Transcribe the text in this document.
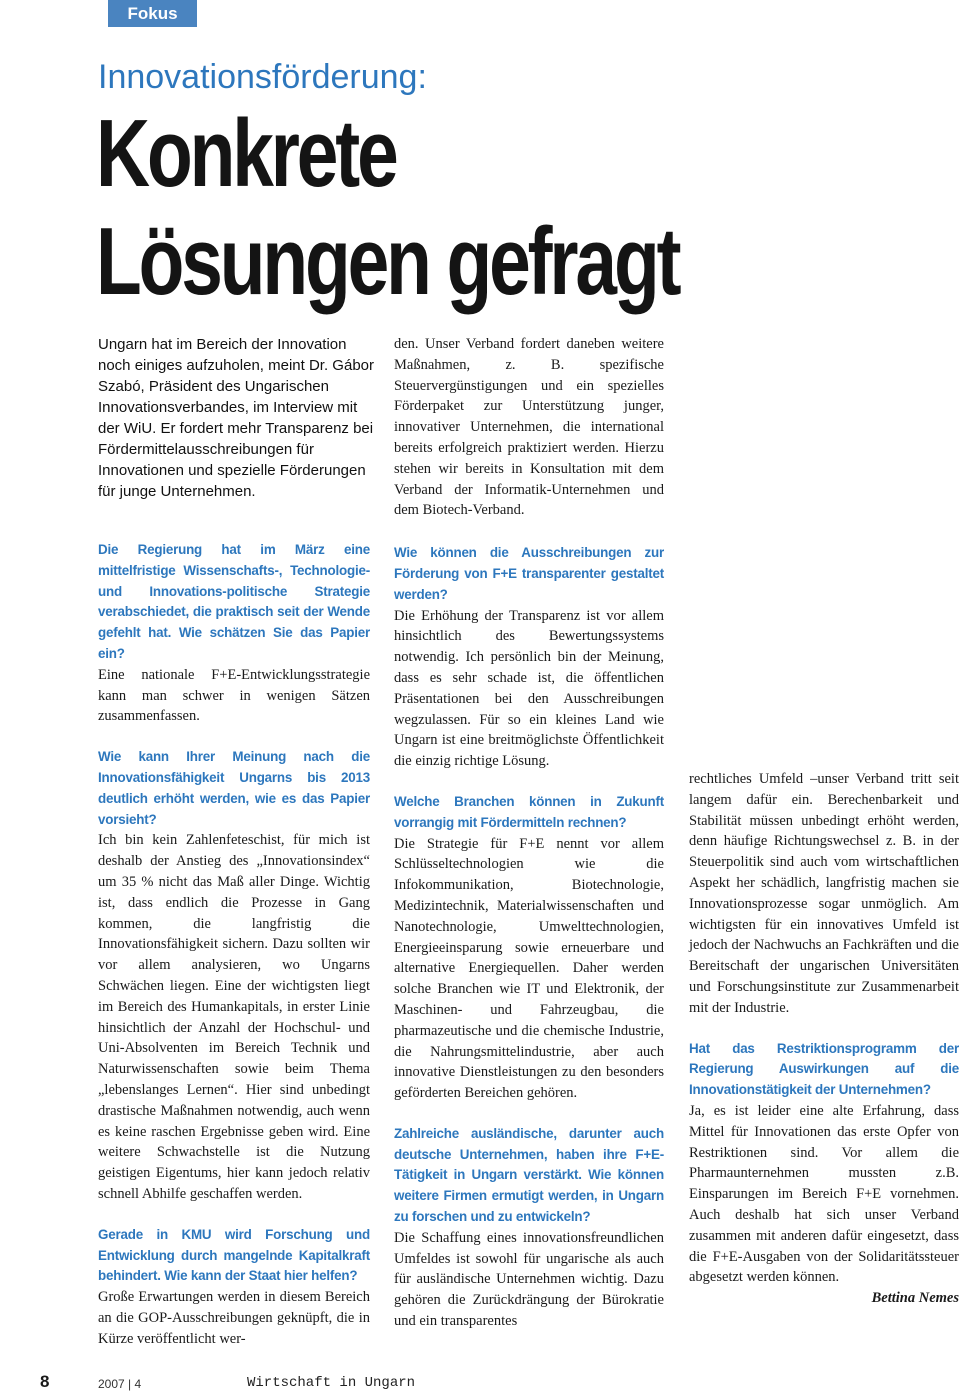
Fokus
Innovationsförderung:
Konkrete Lösungen gefragt
Ungarn hat im Bereich der Innovation noch einiges aufzuholen, meint Dr. Gábor Szabó, Präsident des Ungarischen Innovationsverbandes, im Interview mit der WiU. Er fordert mehr Transparenz bei Fördermittelausschreibungen für Innovationen und spezielle Förderungen für junge Unternehmen.

Die Regierung hat im März eine mittelfristige Wissenschafts-, Technologie- und Innovations-politische Strategie verabschiedet, die praktisch seit der Wende gefehlt hat. Wie schätzen Sie das Papier ein?

Eine nationale F+E-Entwicklungsstrategie kann man schwer in wenigen Sätzen zusammenfassen.

Wie kann Ihrer Meinung nach die Innovationsfähigkeit Ungarns bis 2013 deutlich erhöht werden, wie es das Papier vorsieht?

Ich bin kein Zahlenfeteschist, für mich ist deshalb der Anstieg des „Innovationsindex“ um 35 % nicht das Maß aller Dinge. Wichtig ist, dass endlich die Prozesse in Gang kommen, die langfristig die Innovationsfähigkeit sichern. Dazu sollten wir vor allem analysieren, wo Ungarns Schwächen liegen. Eine der wichtigsten liegt im Bereich des Humankapitals, in erster Linie hinsichtlich der Anzahl der Hochschul- und Uni-Absolventen im Bereich Technik und Naturwissenschaften sowie beim Thema „lebenslanges Lernen“. Hier sind unbedingt drastische Maßnahmen notwendig, auch wenn es keine raschen Ergebnisse geben wird. Eine weitere Schwachstelle ist die Nutzung geistigen Eigentums, hier kann jedoch relativ schnell Abhilfe geschaffen werden.

Gerade in KMU wird Forschung und Entwicklung durch mangelnde Kapitalkraft behindert. Wie kann der Staat hier helfen?

Große Erwartungen werden in diesem Bereich an die GOP-Ausschreibungen geknüpft, die in Kürze veröffentlicht wer-

den. Unser Verband fordert daneben weitere Maßnahmen, z. B. spezifische Steuervergünstigungen und ein spezielles Förderpaket zur Unterstützung junger, innovativer Unternehmen, die international bereits erfolgreich praktiziert werden. Hierzu stehen wir bereits in Konsultation mit dem Verband der Informatik-Unternehmen und dem Biotech-Verband.

Wie können die Ausschreibungen zur Förderung von F+E transparenter gestaltet werden?

Die Erhöhung der Transparenz ist vor allem hinsichtlich des Bewertungssystems notwendig. Ich persönlich bin der Meinung, dass es sehr schade ist, die öffentlichen Präsentationen bei den Ausschreibungen wegzulassen. Für so ein kleines Land wie Ungarn ist eine breitmöglichste Öffentlichkeit die einzig richtige Lösung.

Welche Branchen können in Zukunft vorrangig mit Fördermitteln rechnen?

Die Strategie für F+E nennt vor allem Schlüsseltechnologien wie die Infokommunikation, Biotechnologie, Medizintechnik, Materialwissenschaften und Nanotechnologie, Umwelttechnologien, Energieeinsparung sowie erneuerbare und alternative Energiequellen. Daher werden solche Branchen wie IT und Elektronik, der Maschinen- und Fahrzeugbau, die pharmazeutische und die chemische Industrie, die Nahrungsmittelindustrie, aber auch innovative Dienstleistungen zu den besonders geförderten Bereichen gehören.

Zahlreiche ausländische, darunter auch deutsche Unternehmen, haben ihre F+E-Tätigkeit in Ungarn verstärkt. Wie können weitere Firmen ermutigt werden, in Ungarn zu forschen und zu entwickeln?

Die Schaffung eines innovationsfreundlichen Umfeldes ist sowohl für ungarische als auch für ausländische Unternehmen wichtig. Dazu gehören die Zurückdrängung der Bürokratie und ein transparentes

rechtliches Umfeld –unser Verband tritt seit langem dafür ein. Berechenbarkeit und Stabilität müssen unbedingt erhöht werden, denn häufige Richtungswechsel z. B. in der Steuerpolitik sind auch vom wirtschaftlichen Aspekt her schädlich, langfristig machen sie Innovationsprozesse sogar unmöglich. Am wichtigsten für ein innovatives Umfeld ist jedoch der Nachwuchs an Fachkräften und die Bereitschaft der ungarischen Universitäten und Forschungsinstitute zur Zusammenarbeit mit der Industrie.

Hat das Restriktionsprogramm der Regierung Auswirkungen auf die Innovationstätigkeit der Unternehmen?

Ja, es ist leider eine alte Erfahrung, dass Mittel für Innovationen das erste Opfer von Restriktionen sind. Vor allem die Pharmaunternehmen mussten z.B. Einsparungen im Bereich F+E vornehmen. Auch deshalb hat sich unser Verband zusammen mit anderen dafür eingesetzt, dass die F+E-Ausgaben von der Solidaritätssteuer abgesetzt werden können.

Bettina Nemes

8	2007 | 4	Wirtschaft in Ungarn
